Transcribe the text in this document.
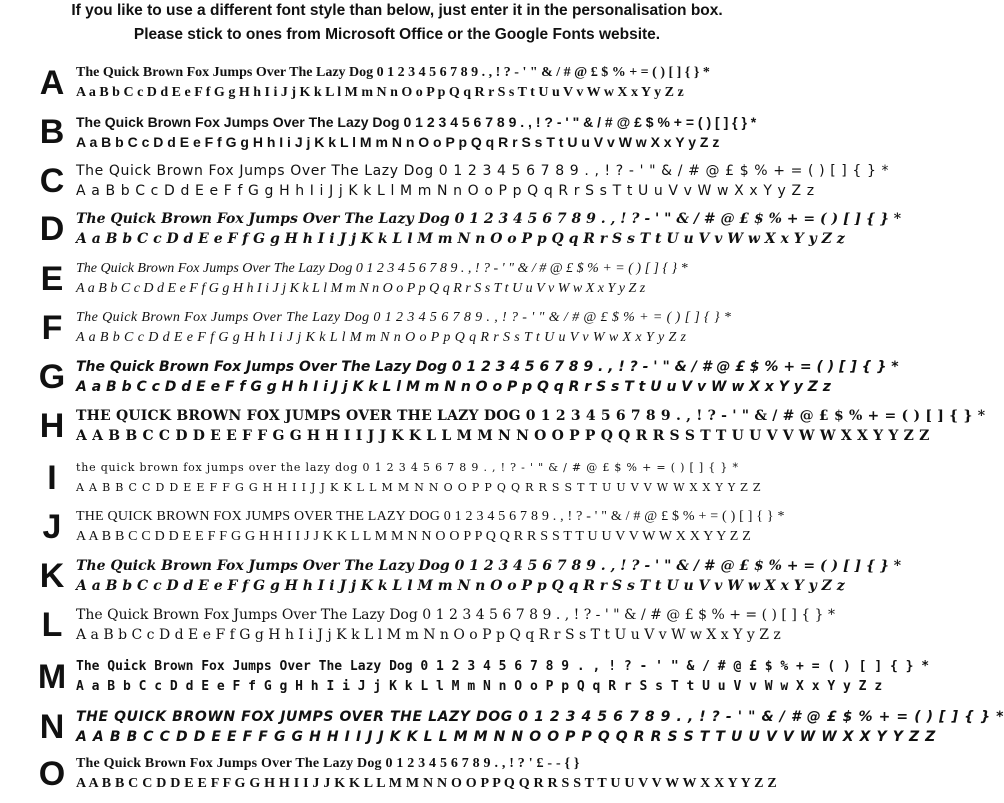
If you like to use a different font style than below, just enter it in the personalisation box.
Please stick to ones from Microsoft Office or the Google Fonts website.
A The Quick Brown Fox Jumps Over The Lazy Dog 0 1 2 3 4 5 6 7 8 9 . , ! ? - ' " & / # @ £ $ % + = ( ) [ ] { } *
A a B b C c D d E e F f G g H h I i J j K k L l M m N n O o P p Q q R r S s T t U u V v W w X x Y y Z z
B The Quick Brown Fox Jumps Over The Lazy Dog 0 1 2 3 4 5 6 7 8 9 . , ! ? - ' " & / # @ £ $ % + = ( ) [ ] { } *
A a B b C c D d E e F f G g H h I i J j K k L l M m N n O o P p Q q R r S s T t U u V v W w X x Y y Z z
C The Quick Brown Fox Jumps Over The Lazy Dog 0 1 2 3 4 5 6 7 8 9 . , ! ? - ' " & / # @ £ $ % + = ( ) [ ] { } *
A a B b C c D d E e F f G g H h I i J j K k L l M m N n O o P p Q q R r S s T t U u V v W w X x Y y Z z
D The Quick Brown Fox Jumps Over The Lazy Dog 0 1 2 3 4 5 6 7 8 9 . , ! ? - ' " & / # @ £ $ % + = ( ) [ ] { } *
A a B b C c D d E e F f G g H h I i J j K k L l M m N n O o P p Q q R r S s T t U u V v W w X x Y y Z z
E The Quick Brown Fox Jumps Over The Lazy Dog 0 1 2 3 4 5 6 7 8 9 . , ! ? - ' " & / # @ £ $ % + = ( ) [ ] { } *
A a B b C c D d E e F f G g H h I i J j K k L l M m N n O o P p Q q R r S s T t U u V v W w X x Y y Z z
F The Quick Brown Fox Jumps Over The Lazy Dog 0 1 2 3 4 5 6 7 8 9 . , ! ? - ' " & / # @ £ $ % + = ( ) [ ] { } *
A a B b C c D d E e F f G g H h I i J j K k L l M m N n O o P p Q q R r S s T t U u V v W w X x Y y Z z
G The Quick Brown Fox Jumps Over The Lazy Dog 0 1 2 3 4 5 6 7 8 9 . , ! ? - ' " & / # @ £ $ % + = ( ) [ ] { } *
A a B b C c D d E e F f G g H h I i J j K k L l M m N n O o P p Q q R r S s T t U u V v W w X x Y y Z z
H THE QUICK BROWN FOX JUMPS OVER THE LAZY DOG 0 1 2 3 4 5 6 7 8 9 . , ! ? - ' " & / # @ £ $ % + = ( ) [ ] { } *
A A B B C C D D E E F F G G H H I I J J K K L L M M N N O O P P Q Q R R S S T T U U V V W W X X Y Y Z Z
I	the quick brown fox jumps over the lazy dog 0 1 2 3 4 5 6 7 8 9 . , ! ? - ' " & / # @ £ $ % + = ( ) [ ] { } *
A A B B C C D D E E F F G G H H I I J J K K L L M M N N O O P P Q Q R R S S T T U U V V W W X X Y Y Z Z
J	THE QUICK BROWN FOX JUMPS OVER THE LAZY DOG 0 1 2 3 4 5 6 7 8 9 . , ! ? - ' " & / # @ £ $ % + = ( ) [ ] { } *
A A B B C C D D E E F F G G H H I I J J K K L L M M N N O O P P Q Q R R S S T T U U V V W W X X Y Y Z Z
K The Quick Brown Fox Jumps Over The Lazy Dog 0 1 2 3 4 5 6 7 8 9 . , ! ? - ' " & / # @ £ $ % + = ( ) [ ] { } *
A a B b C c D d E e F f G g H h I i J j K k L l M m N n O o P p Q q R r S s T t U u V v W w X x Y y Z z
L The Quick Brown Fox Jumps Over The Lazy Dog 0 1 2 3 4 5 6 7 8 9 . , ! ? - ' " & / # @ £ $ % + = ( ) [ ] { } *
A a B b C c D d E e F f G g H h I i J j K k L l M m N n O o P p Q q R r S s T t U u V v W w X x Y y Z z
M The Quick Brown Fox Jumps Over The Lazy Dog 0 1 2 3 4 5 6 7 8 9 . , ! ? - ' " & / # @ £ $ % + = ( ) [ ] { } *
A a B b C c D d E e F f G g H h I i J j K k L l M m N n O o P p Q q R r S s T t U u V v W w X x Y y Z z
N THE QUICK BROWN FOX JUMPS OVER THE LAZY DOG 0 1 2 3 4 5 6 7 8 9 . , ! ? - ' " & / # @ £ $ % + = ( ) [ ] { } *
A A B B C C D D E E F F G G H H I I J J K K L L M M N N O O P P Q Q R R S S T T U U V V W W X X Y Y Z Z
O The Quick Brown Fox Jumps Over The Lazy Dog 0 1 2 3 4 5 6 7 8 9 . , ! ? ' £ - - { }
A A B B C C D D E E F F G G H H I I J J K K L L M M N N O O P P Q Q R R S S T T U U V V W W X X Y Y Z Z
